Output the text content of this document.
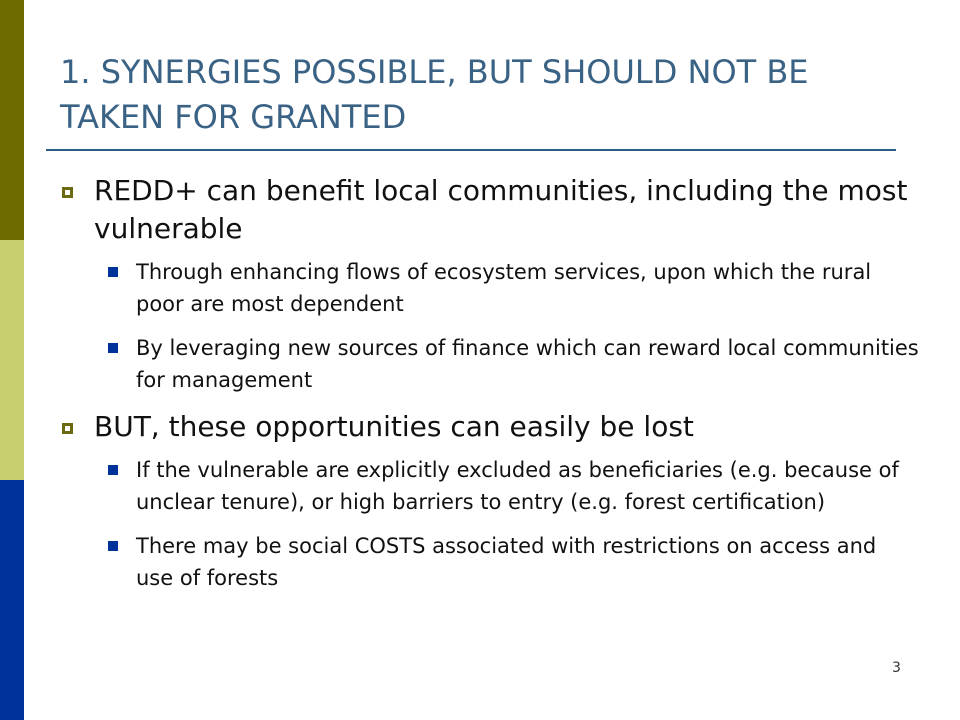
1. SYNERGIES POSSIBLE, BUT SHOULD NOT BE TAKEN FOR GRANTED
REDD+ can benefit local communities, including the most vulnerable
Through enhancing flows of ecosystem services, upon which the rural poor are most dependent
By leveraging new sources of finance which can reward local communities for management
BUT, these opportunities can easily be lost
If the vulnerable are explicitly excluded as beneficiaries (e.g. because of unclear tenure), or high barriers to entry (e.g. forest certification)
There may be social COSTS associated with restrictions on access and use of forests
3
